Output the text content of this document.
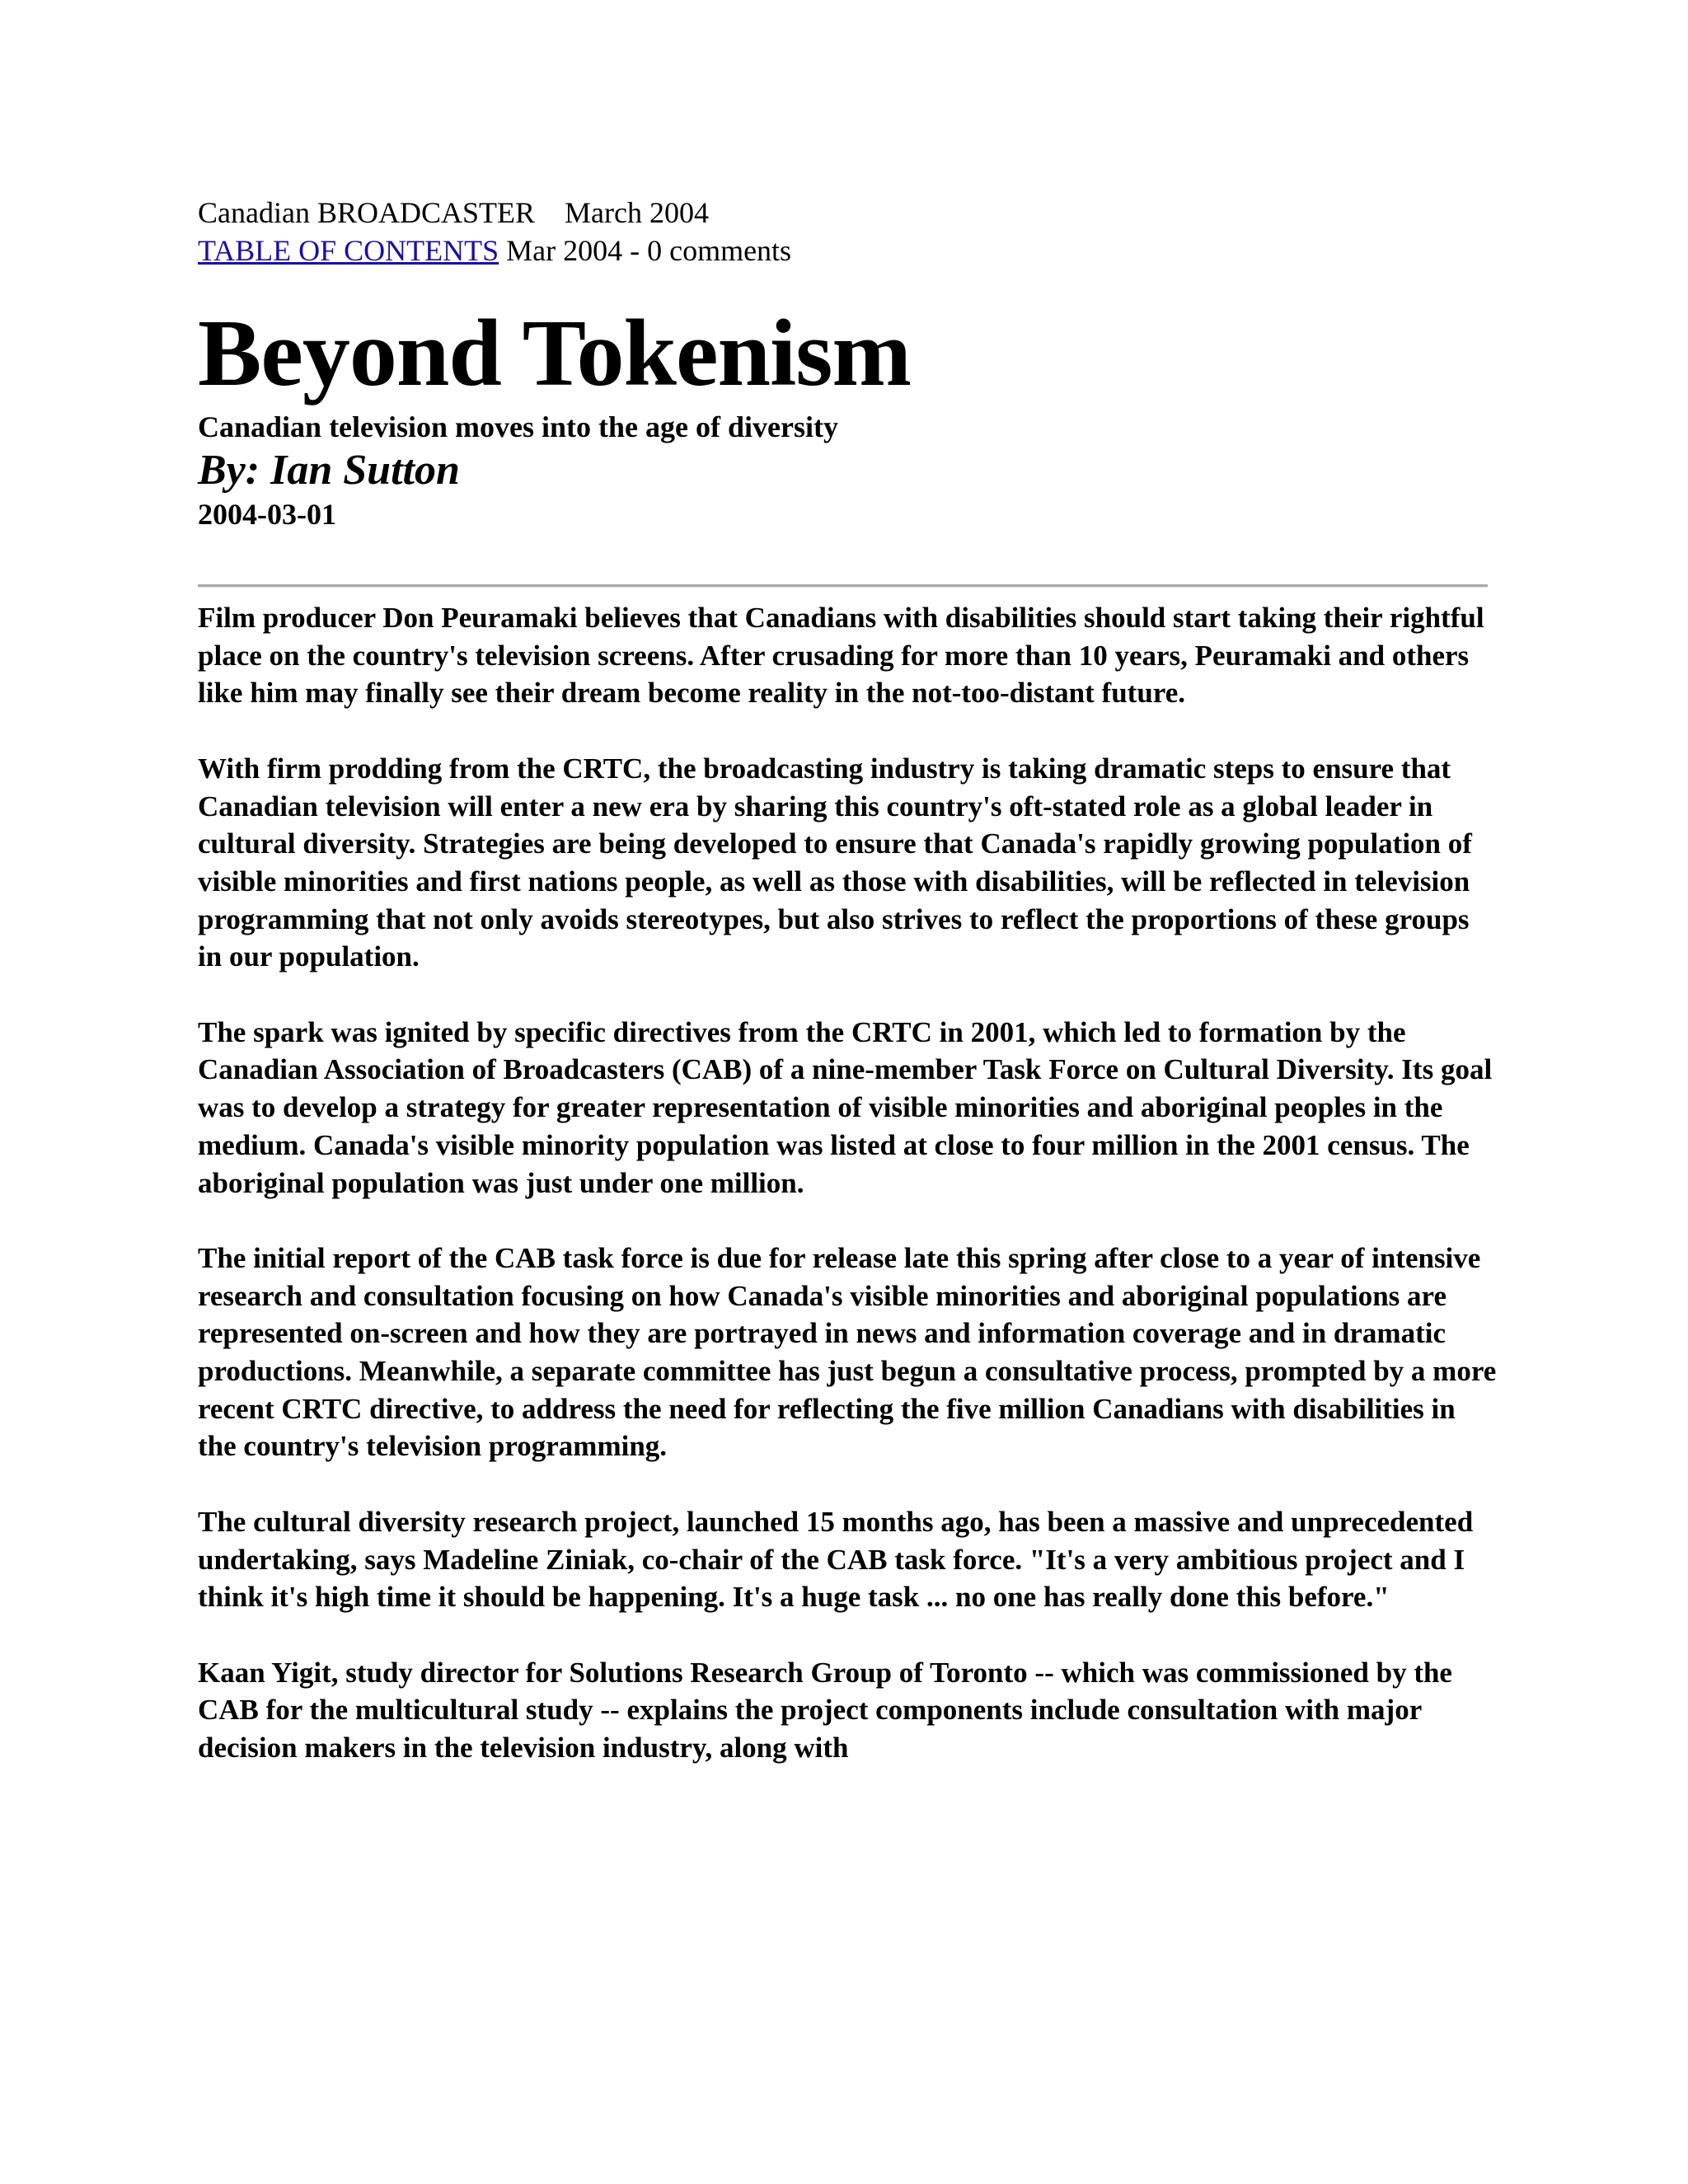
Canadian BROADCASTER March 2004
TABLE OF CONTENTS Mar 2004 - 0 comments
Beyond Tokenism
Canadian television moves into the age of diversity
By: Ian Sutton
2004-03-01

Film producer Don Peuramaki believes that Canadians with disabilities should start taking their rightful place on the country's television screens. After crusading for more than 10 years, Peuramaki and others like him may finally see their dream become reality in the not-too-distant future.

With firm prodding from the CRTC, the broadcasting industry is taking dramatic steps to ensure that Canadian television will enter a new era by sharing this country's oft-stated role as a global leader in cultural diversity. Strategies are being developed to ensure that Canada's rapidly growing population of visible minorities and first nations people, as well as those with disabilities, will be reflected in television programming that not only avoids stereotypes, but also strives to reflect the proportions of these groups in our population.

The spark was ignited by specific directives from the CRTC in 2001, which led to formation by the Canadian Association of Broadcasters (CAB) of a nine-member Task Force on Cultural Diversity. Its goal was to develop a strategy for greater representation of visible minorities and aboriginal peoples in the medium. Canada's visible minority population was listed at close to four million in the 2001 census. The aboriginal population was just under one million.

The initial report of the CAB task force is due for release late this spring after close to a year of intensive research and consultation focusing on how Canada's visible minorities and aboriginal populations are represented on-screen and how they are portrayed in news and information coverage and in dramatic productions. Meanwhile, a separate committee has just begun a consultative process, prompted by a more recent CRTC directive, to address the need for reflecting the five million Canadians with disabilities in the country's television programming.

The cultural diversity research project, launched 15 months ago, has been a massive and unprecedented undertaking, says Madeline Ziniak, co-chair of the CAB task force. "It's a very ambitious project and I think it's high time it should be happening. It's a huge task ... no one has really done this before."

Kaan Yigit, study director for Solutions Research Group of Toronto -- which was commissioned by the CAB for the multicultural study -- explains the project components include consultation with major decision makers in the television industry, along with
